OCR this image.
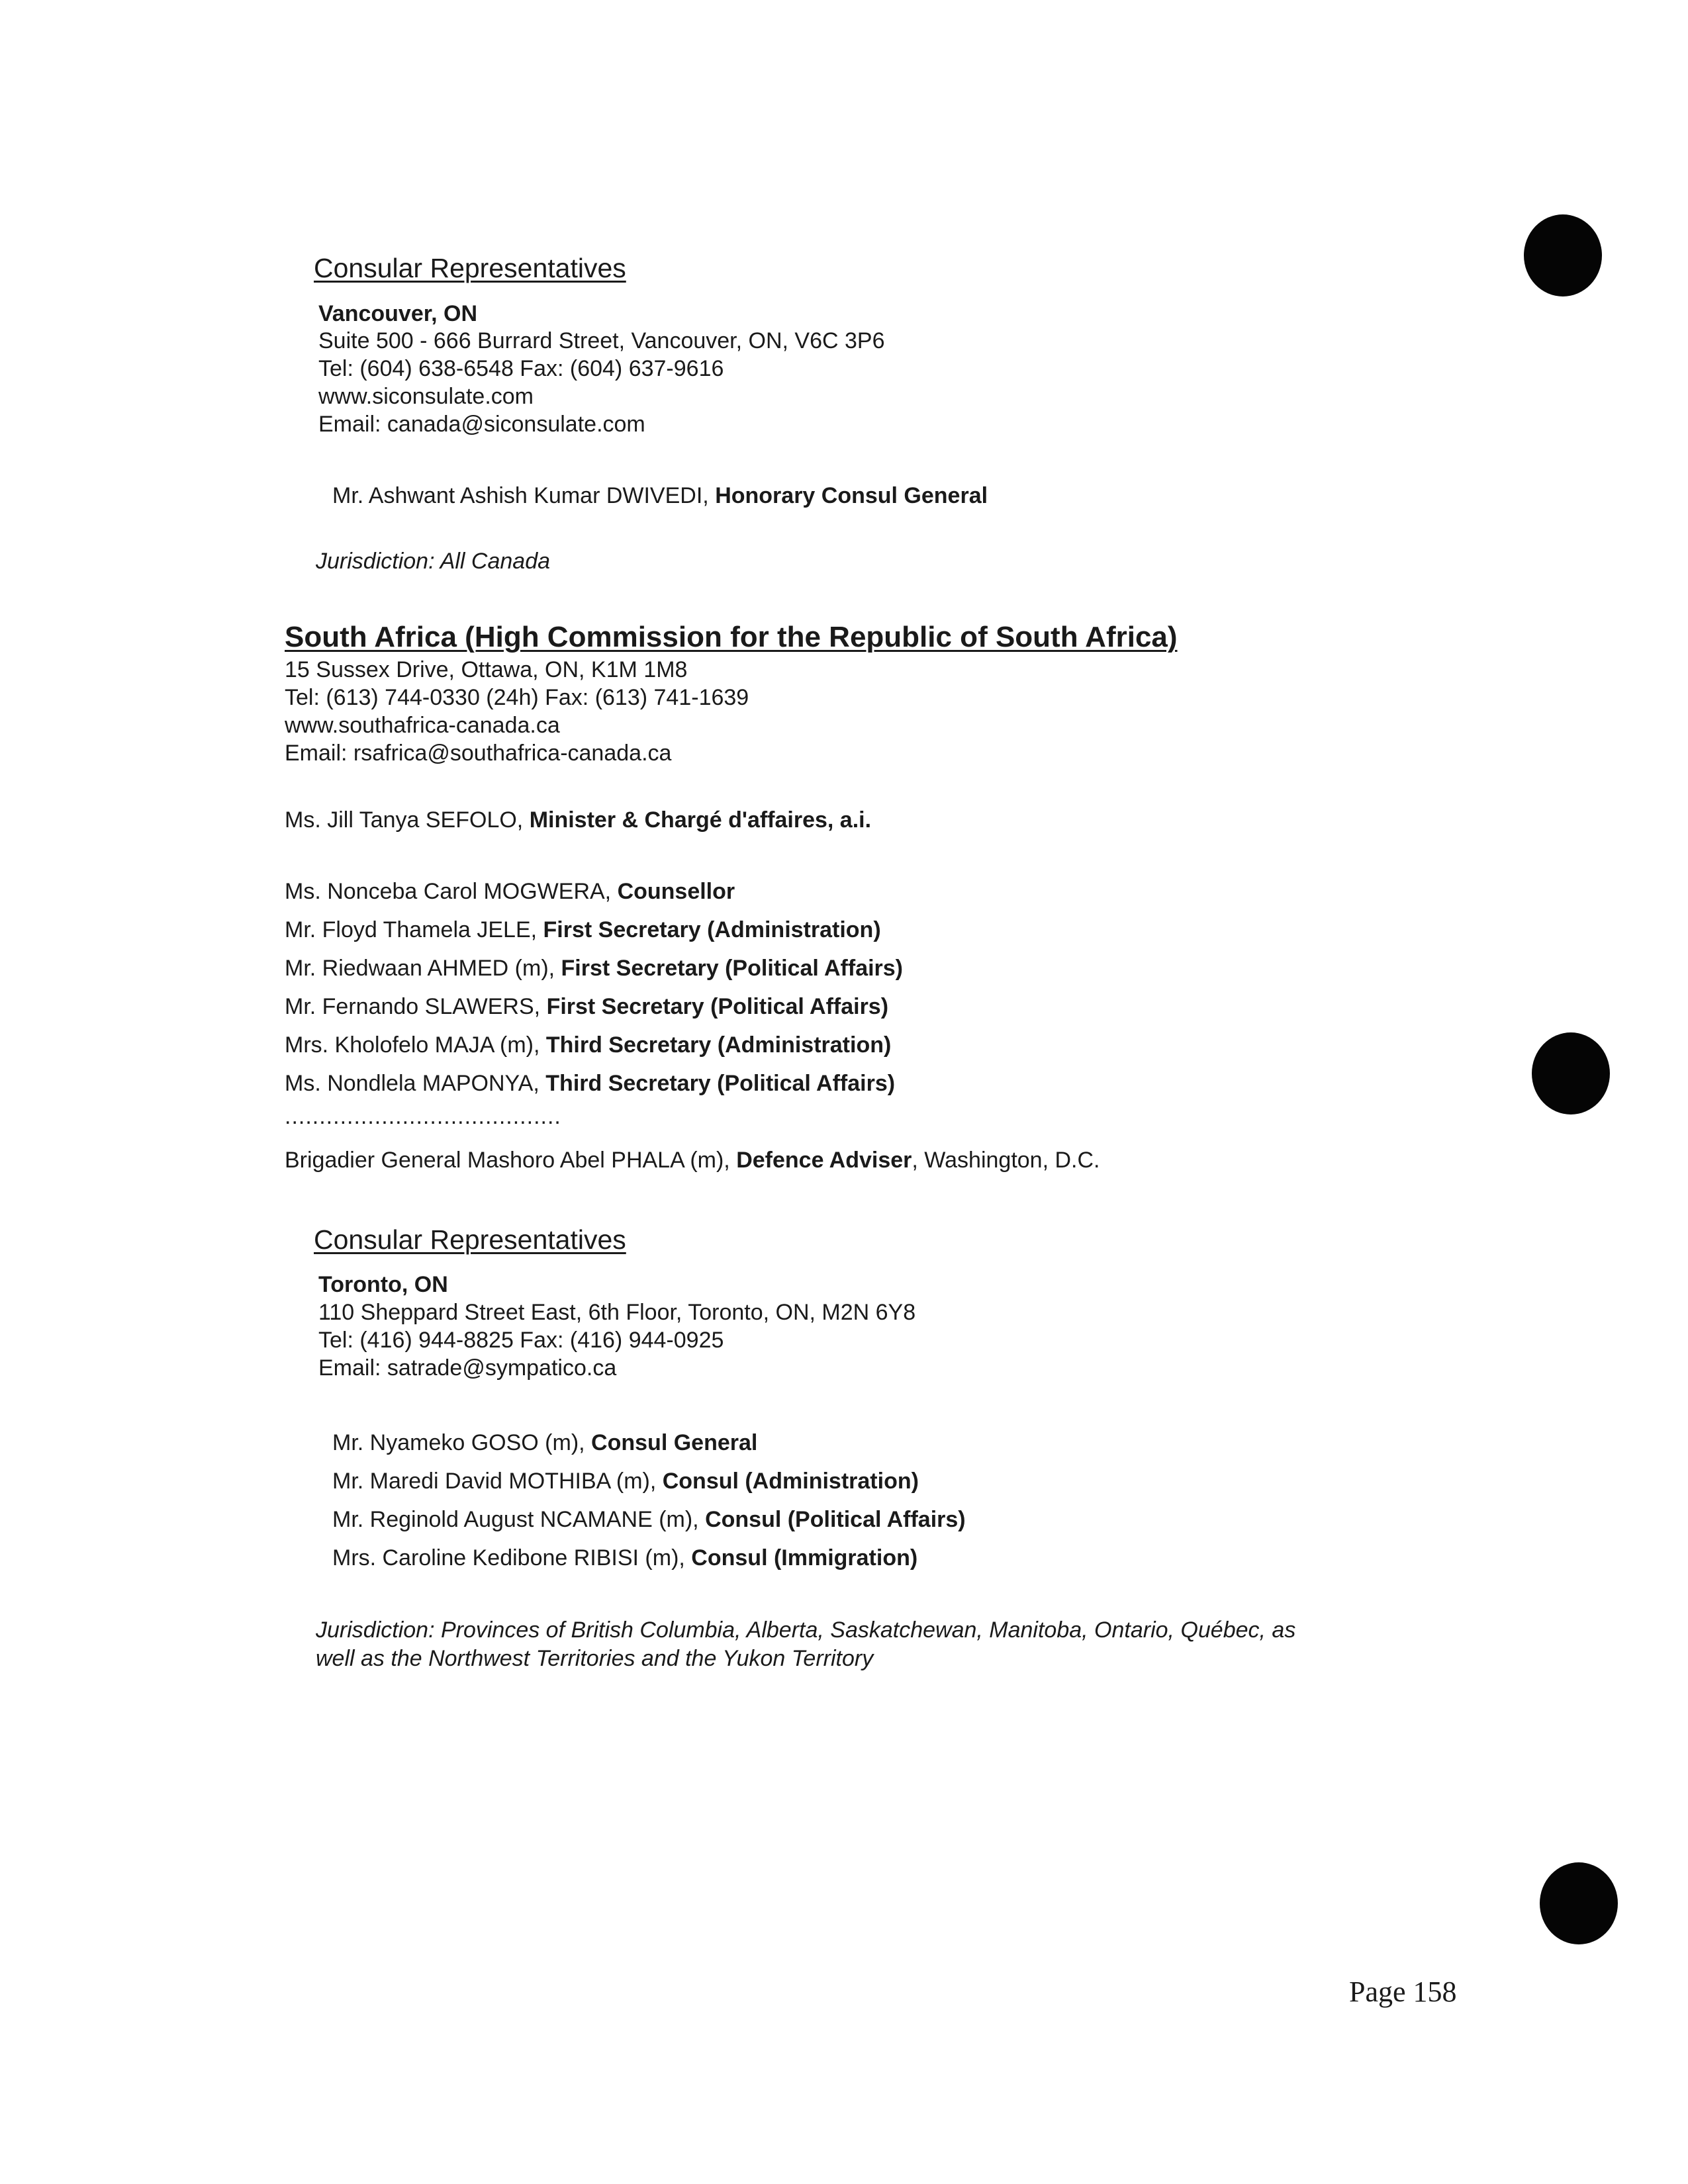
Consular Representatives
Vancouver, ON
Suite 500 - 666 Burrard Street, Vancouver, ON, V6C 3P6
Tel: (604) 638-6548 Fax: (604) 637-9616
www.siconsulate.com
Email: canada@siconsulate.com
Mr. Ashwant Ashish Kumar DWIVEDI, Honorary Consul General
Jurisdiction: All Canada
South Africa (High Commission for the Republic of South Africa)
15 Sussex Drive, Ottawa, ON, K1M 1M8
Tel: (613) 744-0330 (24h) Fax: (613) 741-1639
www.southafrica-canada.ca
Email: rsafrica@southafrica-canada.ca
Ms. Jill Tanya SEFOLO, Minister & Chargé d'affaires, a.i.
Ms. Nonceba Carol MOGWERA, Counsellor
Mr. Floyd Thamela JELE, First Secretary (Administration)
Mr. Riedwaan AHMED (m), First Secretary (Political Affairs)
Mr. Fernando SLAWERS, First Secretary (Political Affairs)
Mrs. Kholofelo MAJA (m), Third Secretary (Administration)
Ms. Nondlela MAPONYA, Third Secretary (Political Affairs)
........................................
Brigadier General Mashoro Abel PHALA (m), Defence Adviser, Washington, D.C.
Consular Representatives
Toronto, ON
110 Sheppard Street East, 6th Floor, Toronto, ON, M2N 6Y8
Tel: (416) 944-8825 Fax: (416) 944-0925
Email: satrade@sympatico.ca
Mr. Nyameko GOSO (m), Consul General
Mr. Maredi David MOTHIBA (m), Consul (Administration)
Mr. Reginold August NCAMANE (m), Consul (Political Affairs)
Mrs. Caroline Kedibone RIBISI (m), Consul (Immigration)
Jurisdiction: Provinces of British Columbia, Alberta, Saskatchewan, Manitoba, Ontario, Québec, as
well as the Northwest Territories and the Yukon Territory
Page 158
